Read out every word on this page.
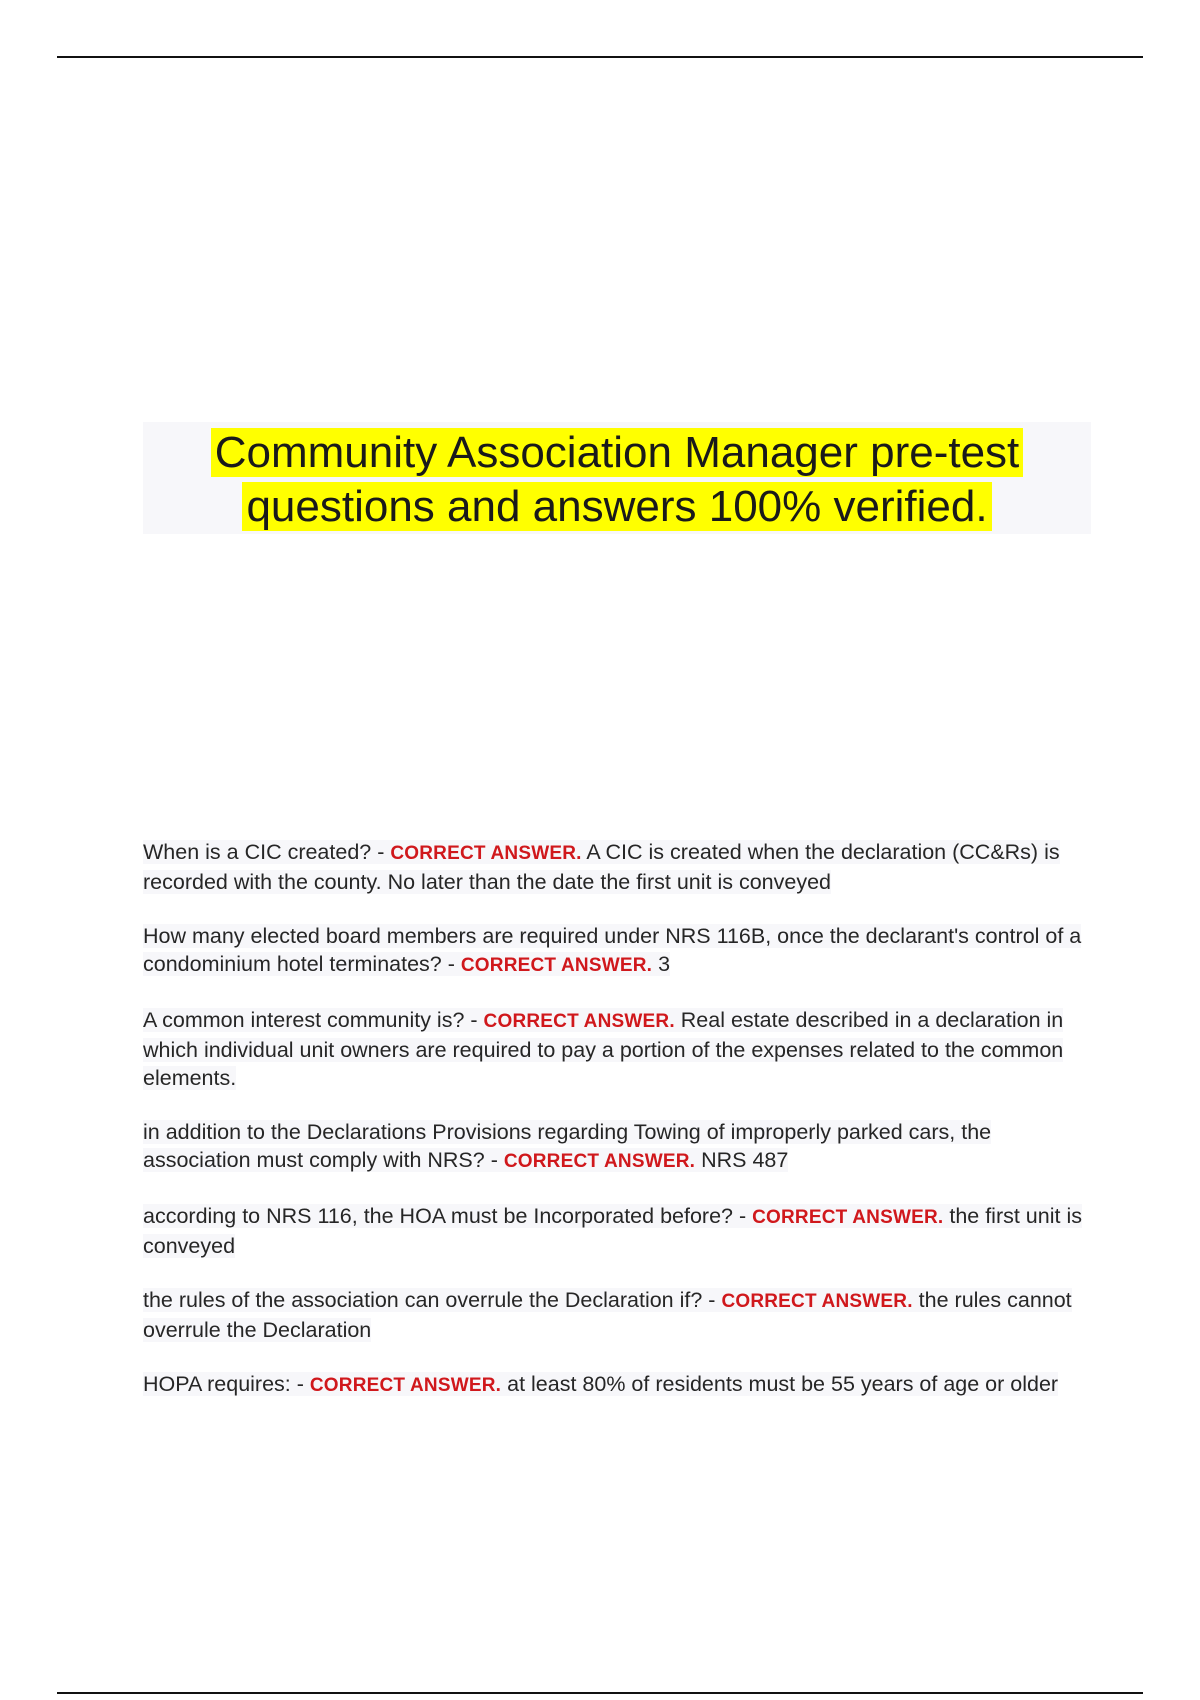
Community Association Manager pre-test
questions and answers 100% verified.

When is a CIC created? - CORRECT ANSWER. A CIC is created when the declaration (CC&Rs) is recorded with the county. No later than the date the first unit is conveyed

How many elected board members are required under NRS 116B, once the declarant's control of a condominium hotel terminates? - CORRECT ANSWER. 3

A common interest community is? - CORRECT ANSWER. Real estate described in a declaration in which individual unit owners are required to pay a portion of the expenses related to the common elements.

in addition to the Declarations Provisions regarding Towing of improperly parked cars, the association must comply with NRS? - CORRECT ANSWER. NRS 487

according to NRS 116, the HOA must be Incorporated before? - CORRECT ANSWER. the first unit is conveyed

the rules of the association can overrule the Declaration if? - CORRECT ANSWER. the rules cannot overrule the Declaration

HOPA requires: - CORRECT ANSWER. at least 80% of residents must be 55 years of age or older
